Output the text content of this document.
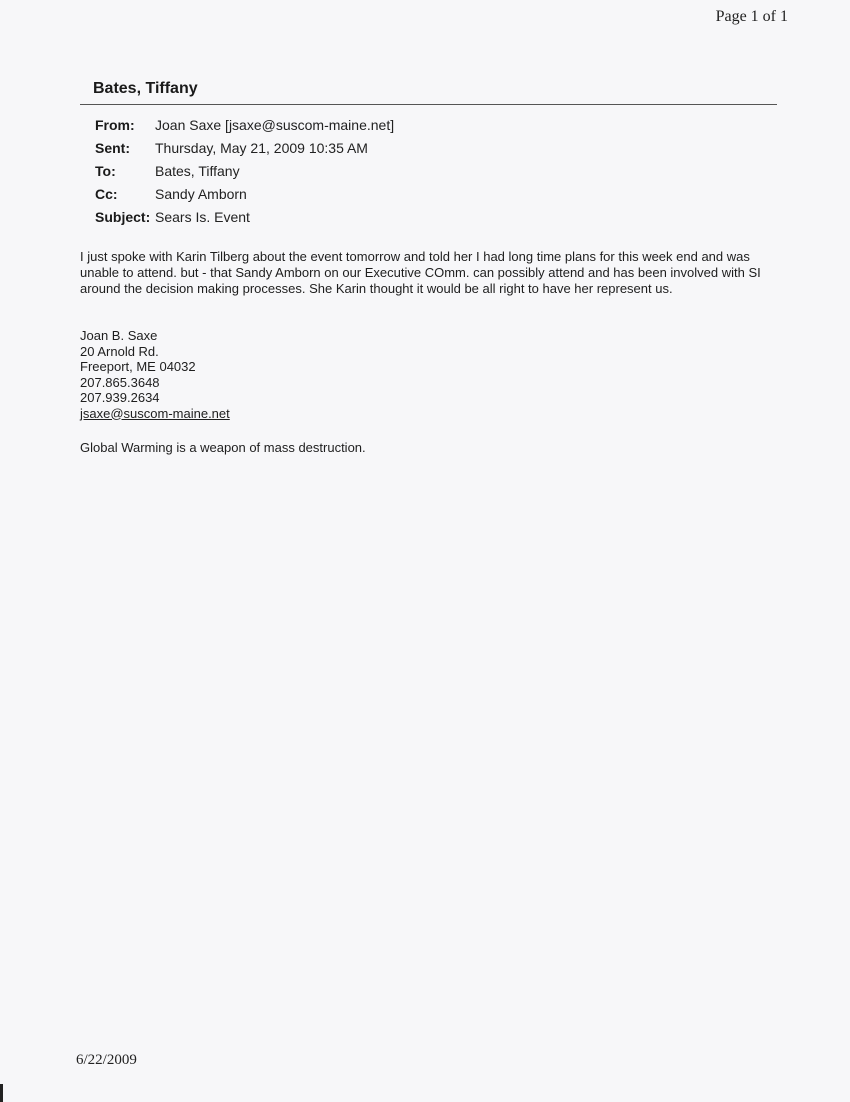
Page 1 of 1
Bates, Tiffany
From:	Joan Saxe [jsaxe@suscom-maine.net]
Sent:	Thursday, May 21, 2009 10:35 AM
To:	Bates, Tiffany
Cc:	Sandy Amborn
Subject: Sears Is. Event
I just spoke with Karin Tilberg about the event tomorrow and told her I had long time plans for this week end and was unable to attend. but - that Sandy Amborn on our Executive COmm. can possibly attend and has been involved with SI around the decision making processes. She Karin thought it would be all right to have her represent us.
Joan B. Saxe
20 Arnold Rd.
Freeport, ME 04032
207.865.3648
207.939.2634
jsaxe@suscom-maine.net
Global Warming is a weapon of mass destruction.
6/22/2009
